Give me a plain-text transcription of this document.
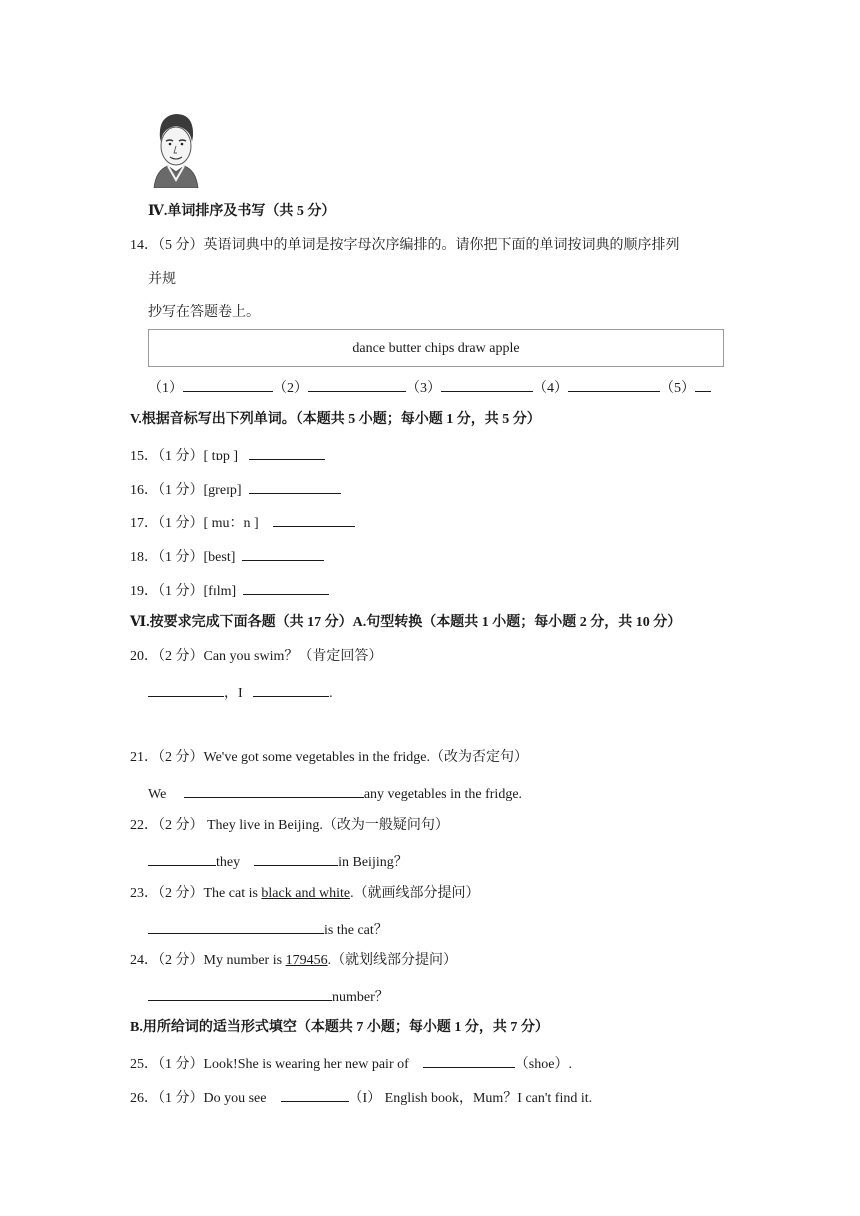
Ⅳ.单词排序及书写（共 5 分）
14．（5 分）英语词典中的单词是按字母次序编排的。请你把下面的单词按词典的顺序排列
并规
抄写在答题卷上。
dance butter chips draw apple
（1）	（2）	（3）	（4）	（5）
V.根据音标写出下列单词。（本题共 5 小题；每小题 1 分，共 5 分）
15．（1 分）[ tɒp ]
16．（1 分）[greɪp]
17．（1 分）[ mu：n ]
18．（1 分）[best]
19．（1 分）[fɪlm]
Ⅵ.按要求完成下面各题（共 17 分）A.句型转换（本题共 1 小题；每小题 2 分，共 10 分）
20．（2 分）Can you swim？（肯定回答）
，I	.
21．（2 分）We've got some vegetables in the fridge.（改为否定句）
We	any vegetables in the fridge.
22．（2 分） They live in Beijing.（改为一般疑问句）
they	in Beijing？
23．（2 分）The cat is black and white.（就画线部分提问）
is the cat？
24．（2 分）My number is 179456.（就划线部分提问）
number？
B.用所给词的适当形式填空（本题共 7 小题；每小题 1 分，共 7 分）
25．（1 分）Look!She is wearing her new pair of	（shoe）.
26．（1 分）Do you see	（I） English book，Mum？I can't find it.
